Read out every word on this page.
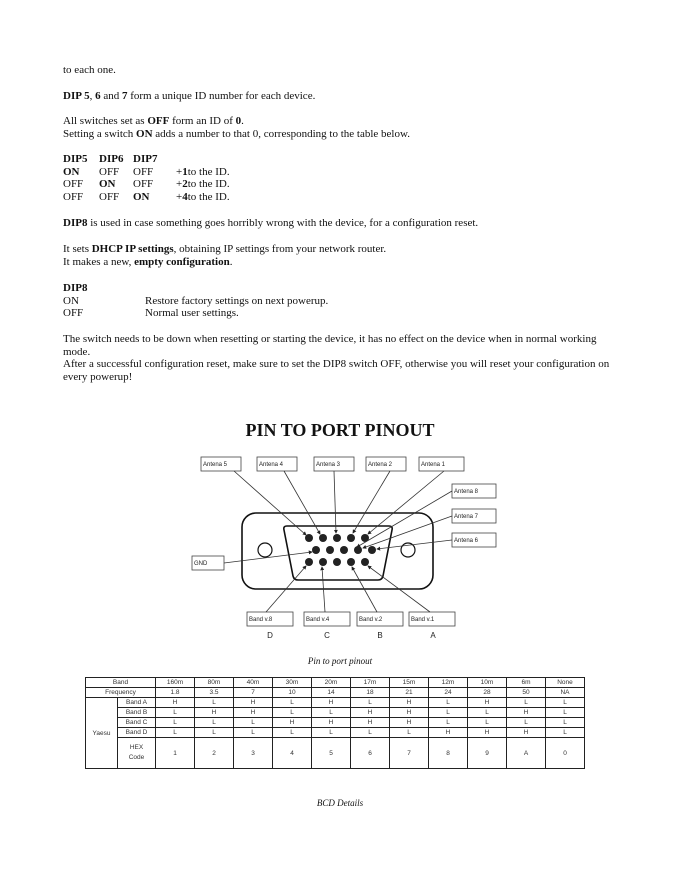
to each one.
DIP 5, 6 and 7 form a unique ID number for each device.
All switches set as OFF form an ID of 0.
Setting a switch ON adds a number to that 0, corresponding to the table below.
DIP5	DIP6 DIP7
ON	OFF	OFF	+1to the ID.
OFF	ON	OFF	+2to the ID.
OFF	OFF	ON	+4to the ID.
DIP8 is used in case something goes horribly wrong with the device, for a configuration reset.
It sets DHCP IP settings, obtaining IP settings from your network router.
It makes a new, empty configuration.
DIP8
ON	Restore factory settings on next powerup.
OFF	Normal user settings.
The switch needs to be down when resetting or starting the device, it has no effect on the device when in normal working mode.
After a successful configuration reset, make sure to set the DIP8 switch OFF, otherwise you will reset your configuration on every powerup!
PIN TO PORT PINOUT
Antena 5	Antena 4	Antena 3	Antena 2	Antena 1
Antena 8
Antena 7
Antena 6
GND
Band v.8	Band v.4	Band v.2	Band v.1
D	C	B	A
Pin to port pinout
Band		160m	80m	40m	30m	20m	17m	15m	12m	10m	6m	None
Frequency		1.8	3.5	7	10	14	18	21	24	28	50	NA
Yaesu	Band A	H	L	H	L	H	L	H	L	H	L	L
	Band B	L	H	H	L	L	H	H	L	L	H	L
	Band C	L	L	L	H	H	H	H	L	L	L	L
	Band D	L	L	L	L	L	L	L	H	H	H	L
	HEX
Code	1	2	3	4	5	6	7	8	9	A	0
BCD Details
